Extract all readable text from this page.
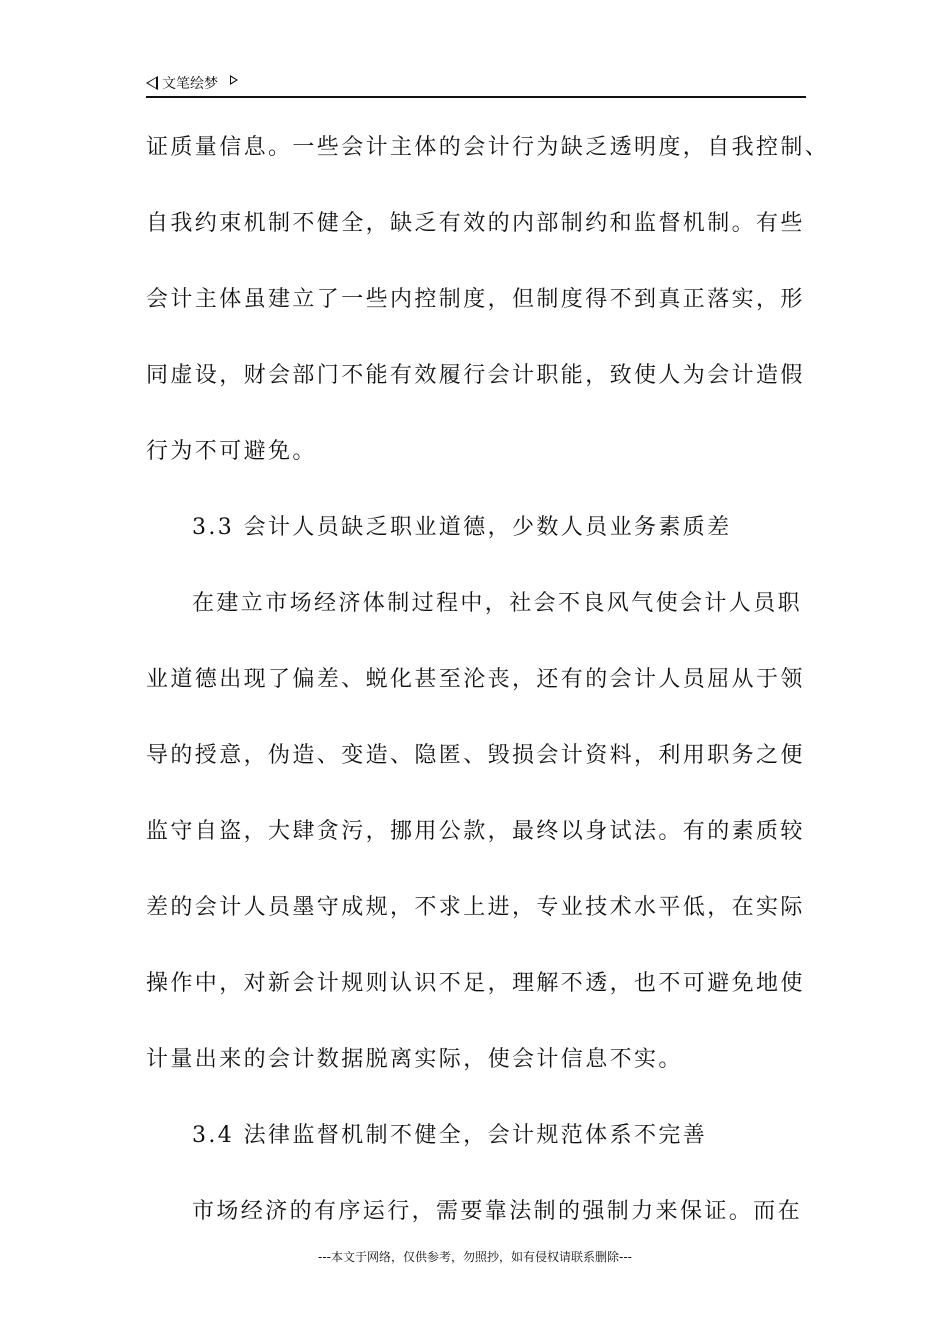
文笔绘梦
证质量信息。一些会计主体的会计行为缺乏透明度，自我控制、
自我约束机制不健全，缺乏有效的内部制约和监督机制。有些
会计主体虽建立了一些内控制度，但制度得不到真正落实，形
同虚设，财会部门不能有效履行会计职能，致使人为会计造假
行为不可避免。
3.3 会计人员缺乏职业道德，少数人员业务素质差
在建立市场经济体制过程中，社会不良风气使会计人员职
业道德出现了偏差、蜕化甚至沦丧，还有的会计人员屈从于领
导的授意，伪造、变造、隐匿、毁损会计资料，利用职务之便
监守自盗，大肆贪污，挪用公款，最终以身试法。有的素质较
差的会计人员墨守成规，不求上进，专业技术水平低，在实际
操作中，对新会计规则认识不足，理解不透，也不可避免地使
计量出来的会计数据脱离实际，使会计信息不实。
3.4 法律监督机制不健全，会计规范体系不完善
市场经济的有序运行，需要靠法制的强制力来保证。而在
---本文于网络，仅供参考，勿照抄，如有侵权请联系删除---
